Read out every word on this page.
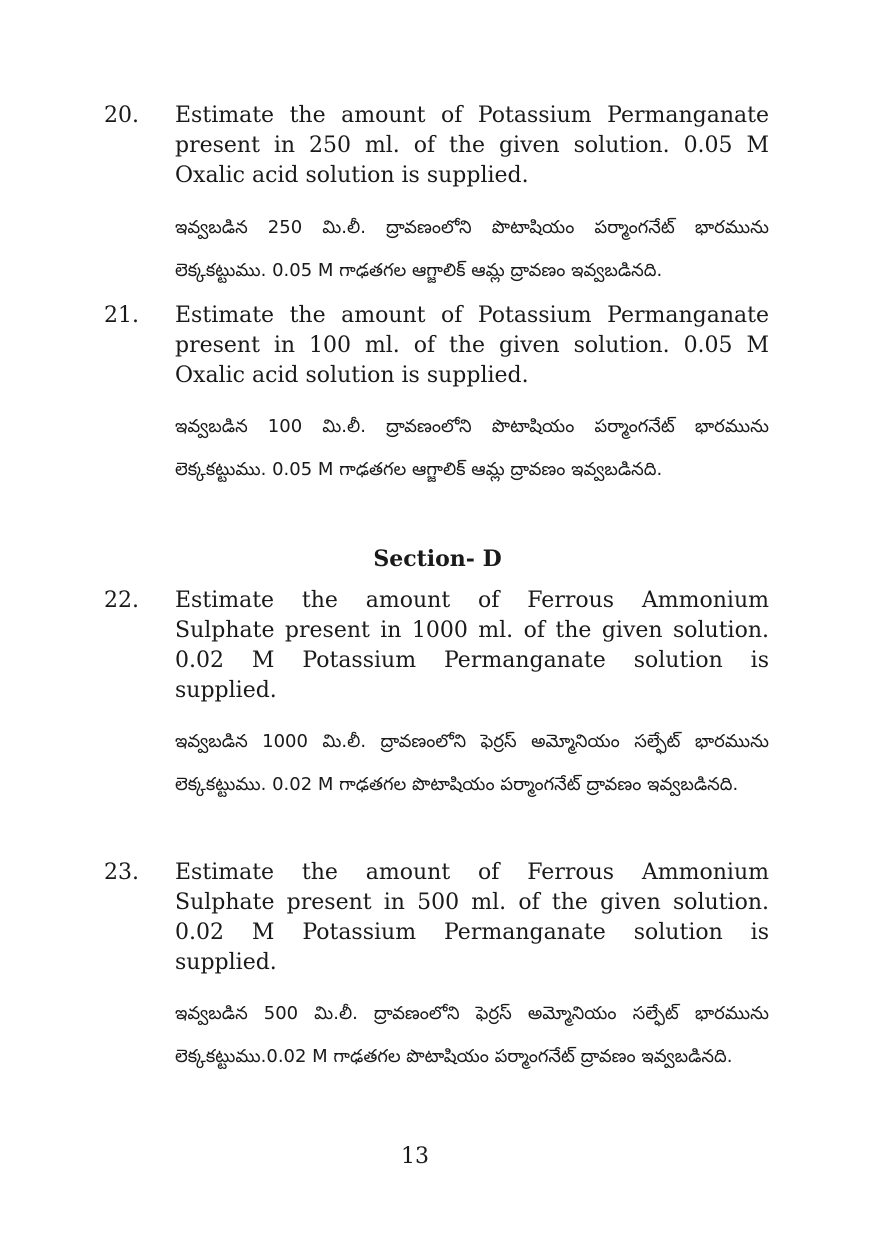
20. Estimate the amount of Potassium Permanganate present in 250 ml. of the given solution. 0.05 M Oxalic acid solution is supplied.
ఇవ్వబడిన 250 మి.లీ. ద్రావణంలోని పొటాషియం పర్మాంగనేట్ భారమును లెక్కకట్టుము. 0.05 M గాఢతగల ఆగ్జాలిక్ ఆమ్ల ద్రావణం ఇవ్వబడినది.
21. Estimate the amount of Potassium Permanganate present in 100 ml. of the given solution. 0.05 M Oxalic acid solution is supplied.
ఇవ్వబడిన 100 మి.లీ. ద్రావణంలోని పొటాషియం పర్మాంగనేట్ భారమును లెక్కకట్టుము. 0.05 M గాఢతగల ఆగ్జాలిక్ ఆమ్ల ద్రావణం ఇవ్వబడినది.
Section- D
22. Estimate the amount of Ferrous Ammonium Sulphate present in 1000 ml. of the given solution. 0.02 M Potassium Permanganate solution is supplied.
ఇవ్వబడిన 1000 మి.లీ. ద్రావణంలోని ఫెర్రస్ అమ్మోనియం సల్ఫేట్ భారమును లెక్కకట్టుము. 0.02 M గాఢతగల పొటాషియం పర్మాంగనేట్ ద్రావణం ఇవ్వబడినది.
23. Estimate the amount of Ferrous Ammonium Sulphate present in 500 ml. of the given solution. 0.02 M Potassium Permanganate solution is supplied.
ఇవ్వబడిన 500 మి.లీ. ద్రావణంలోని ఫెర్రస్ అమ్మోనియం సల్ఫేట్ భారమును లెక్కకట్టుము.0.02 M గాఢతగల పొటాషియం పర్మాంగనేట్ ద్రావణం ఇవ్వబడినది.
13
